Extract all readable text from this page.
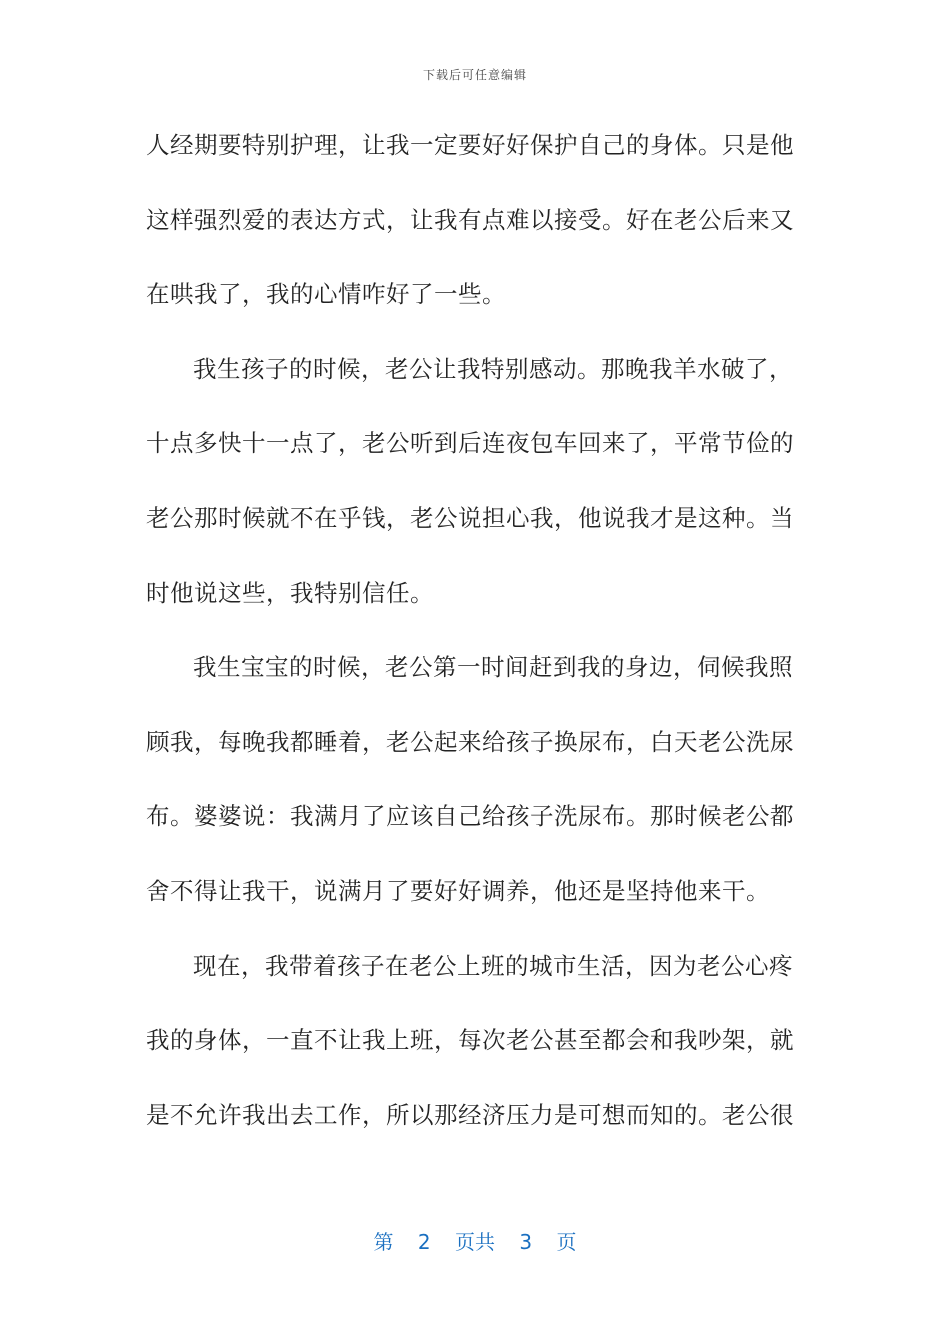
下载后可任意编辑
人经期要特别护理，让我一定要好好保护自己的身体。只是他
这样强烈爱的表达方式，让我有点难以接受。好在老公后来又
在哄我了，我的心情咋好了一些。
我生孩子的时候，老公让我特别感动。那晚我羊水破了，
十点多快十一点了，老公听到后连夜包车回来了，平常节俭的
老公那时候就不在乎钱，老公说担心我，他说我才是这种。当
时他说这些，我特别信任。
我生宝宝的时候，老公第一时间赶到我的身边，伺候我照
顾我，每晚我都睡着，老公起来给孩子换尿布，白天老公洗尿
布。婆婆说：我满月了应该自己给孩子洗尿布。那时候老公都
舍不得让我干，说满月了要好好调养，他还是坚持他来干。
现在，我带着孩子在老公上班的城市生活，因为老公心疼
我的身体，一直不让我上班，每次老公甚至都会和我吵架，就
是不允许我出去工作，所以那经济压力是可想而知的。老公很
第 2 页共 3 页
